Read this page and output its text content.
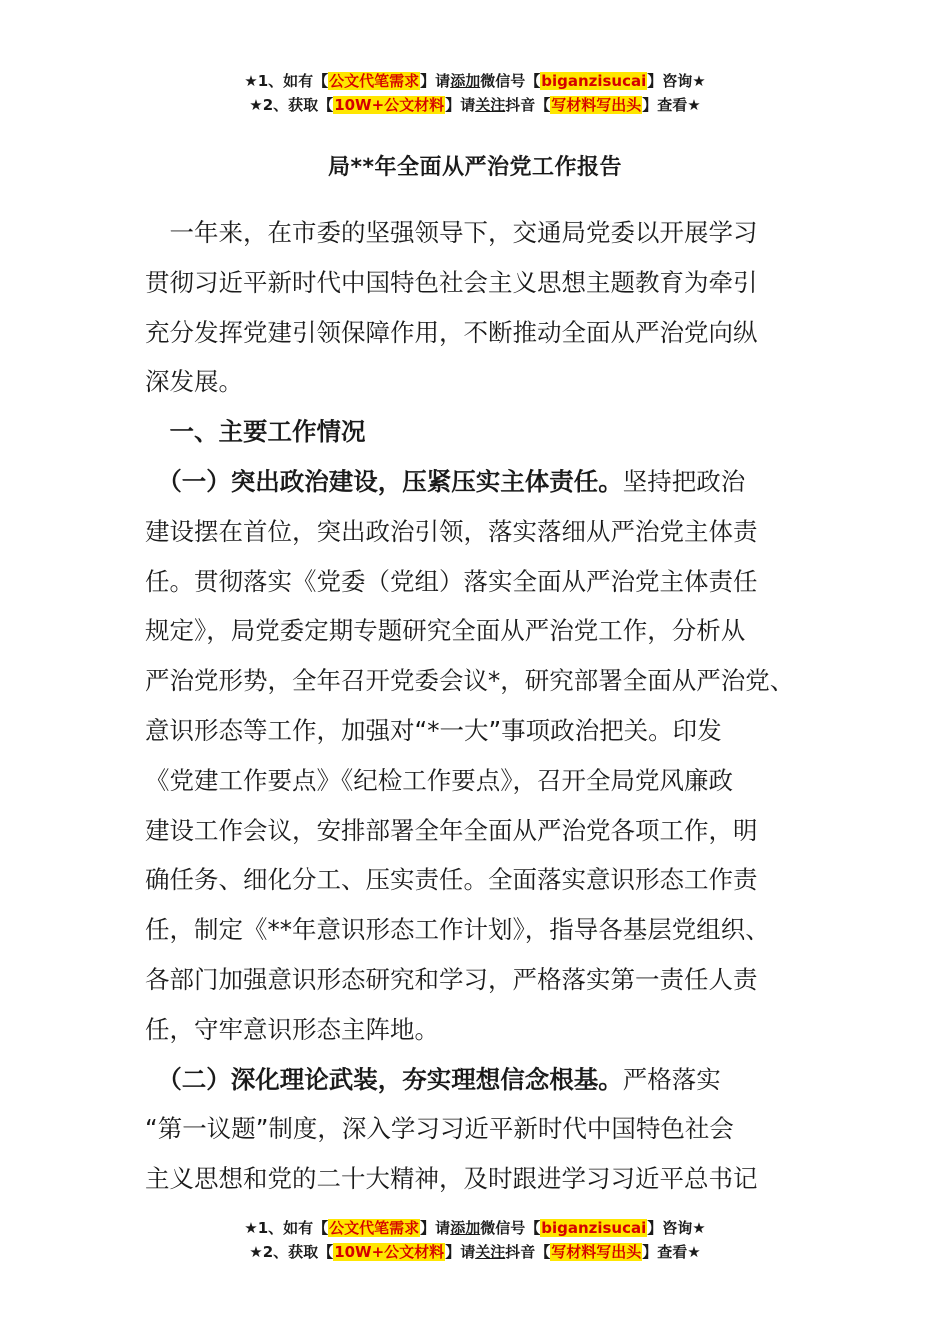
★1、如有【公文代笔需求】请添加微信号【biganzisucai】咨询★
★2、获取【10W+公文材料】请关注抖音【写材料写出头】查看★
局**年全面从严治党工作报告
　一年来，在市委的坚强领导下，交通局党委以开展学习
贯彻习近平新时代中国特色社会主义思想主题教育为牵引
充分发挥党建引领保障作用，不断推动全面从严治党向纵
深发展。
　一、主要工作情况
　（一）突出政治建设，压紧压实主体责任。坚持把政治
建设摆在首位，突出政治引领，落实落细从严治党主体责
任。贯彻落实《党委（党组）落实全面从严治党主体责任
规定》，局党委定期专题研究全面从严治党工作，分析从
严治党形势，全年召开党委会议*，研究部署全面从严治党、
意识形态等工作，加强对“*一大”事项政治把关。印发
《党建工作要点》《纪检工作要点》，召开全局党风廉政
建设工作会议，安排部署全年全面从严治党各项工作，明
确任务、细化分工、压实责任。全面落实意识形态工作责
任，制定《**年意识形态工作计划》，指导各基层党组织、
各部门加强意识形态研究和学习，严格落实第一责任人责
任，守牢意识形态主阵地。
　（二）深化理论武装，夯实理想信念根基。严格落实
“第一议题”制度，深入学习习近平新时代中国特色社会
主义思想和党的二十大精神，及时跟进学习习近平总书记
★1、如有【公文代笔需求】请添加微信号【biganzisucai】咨询★
★2、获取【10W+公文材料】请关注抖音【写材料写出头】查看★
